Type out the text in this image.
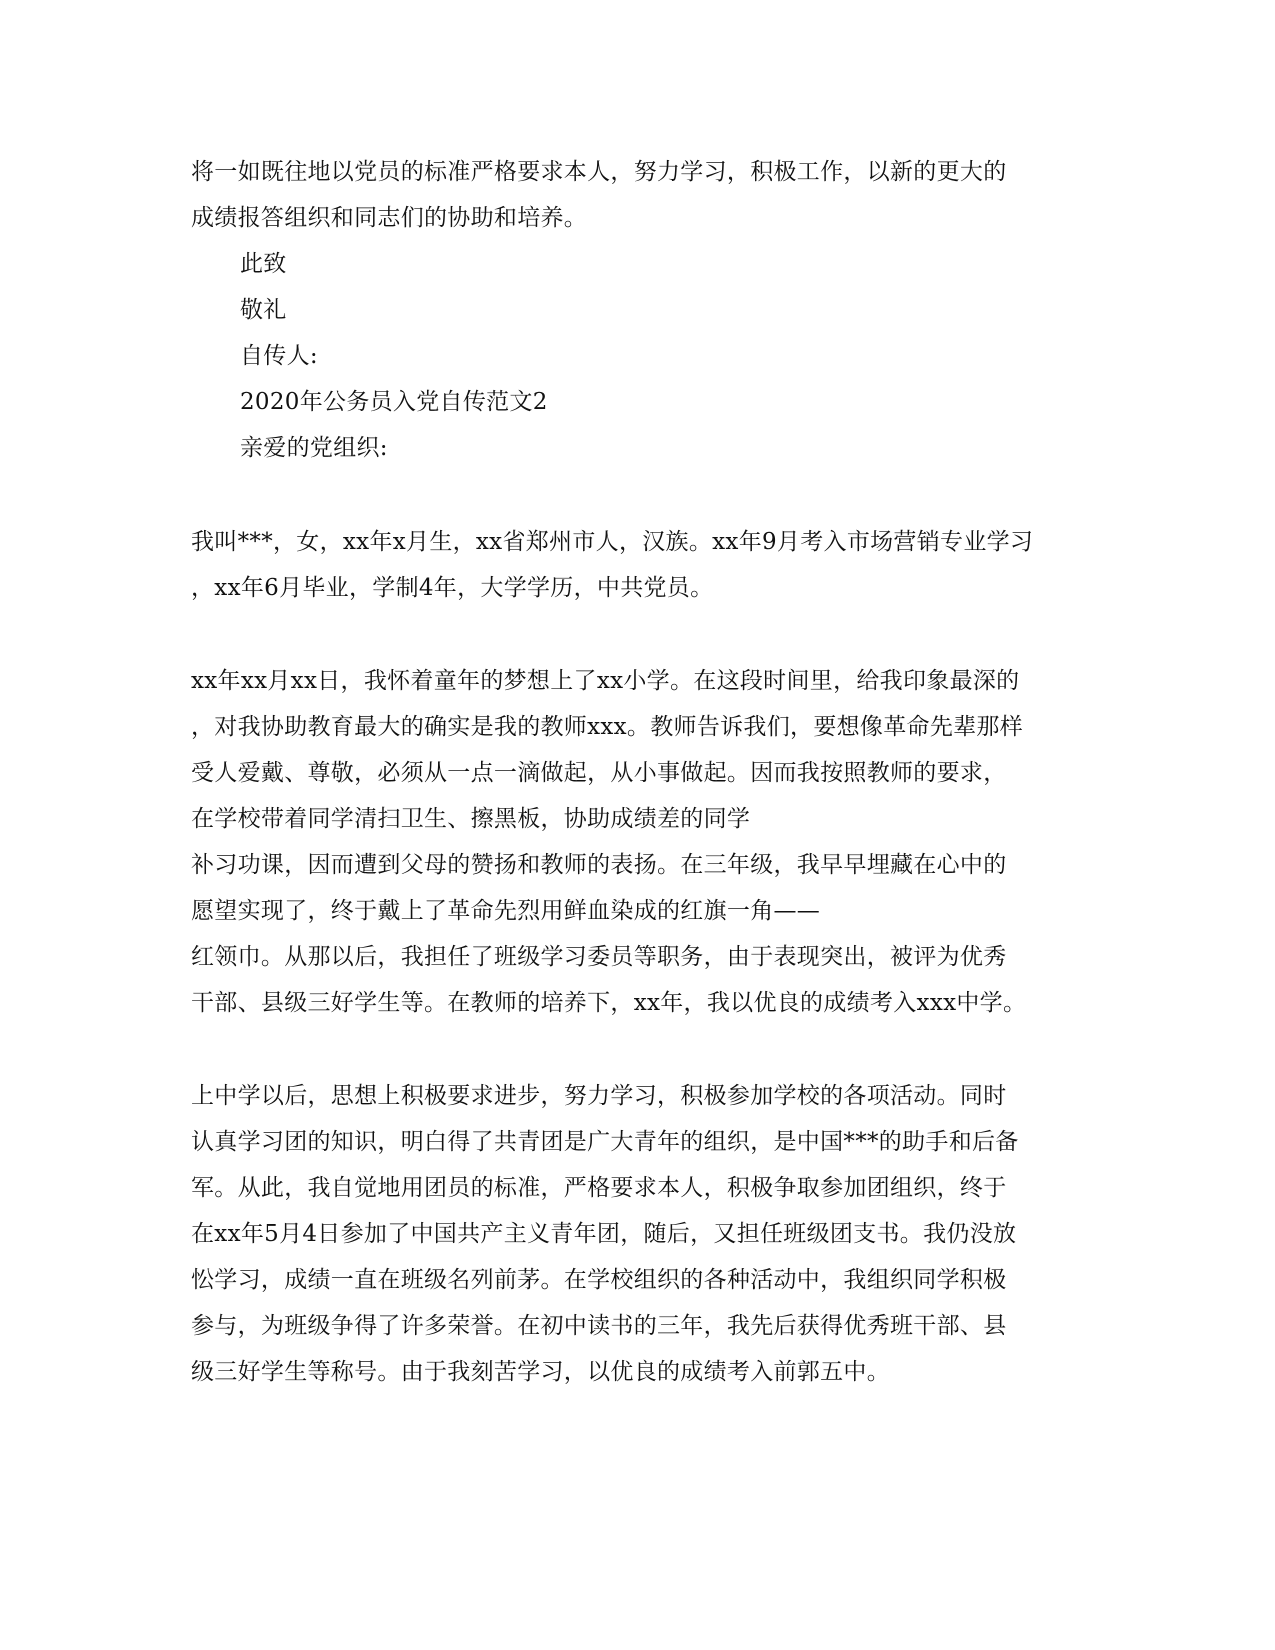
将一如既往地以党员的标准严格要求本人，努力学习，积极工作，以新的更大的
成绩报答组织和同志们的协助和培养。
此致
敬礼
自传人:
2020年公务员入党自传范文2
亲爱的党组织:
我叫***，女，xx年x月生，xx省郑州市人，汉族。xx年9月考入市场营销专业学习
，xx年6月毕业，学制4年，大学学历，中共党员。
xx年xx月xx日，我怀着童年的梦想上了xx小学。在这段时间里，给我印象最深的
，对我协助教育最大的确实是我的教师xxx。教师告诉我们，要想像革命先辈那样
受人爱戴、尊敬，必须从一点一滴做起，从小事做起。因而我按照教师的要求，
在学校带着同学清扫卫生、擦黑板，协助成绩差的同学
补习功课，因而遭到父母的赞扬和教师的表扬。在三年级，我早早埋藏在心中的
愿望实现了，终于戴上了革命先烈用鲜血染成的红旗一角——
红领巾。从那以后，我担任了班级学习委员等职务，由于表现突出，被评为优秀
干部、县级三好学生等。在教师的培养下，xx年，我以优良的成绩考入xxx中学。
上中学以后，思想上积极要求进步，努力学习，积极参加学校的各项活动。同时
认真学习团的知识，明白得了共青团是广大青年的组织，是中国***的助手和后备
军。从此，我自觉地用团员的标准，严格要求本人，积极争取参加团组织，终于
在xx年5月4日参加了中国共产主义青年团，随后，又担任班级团支书。我仍没放
忪学习，成绩一直在班级名列前茅。在学校组织的各种活动中，我组织同学积极
参与，为班级争得了许多荣誉。在初中读书的三年，我先后获得优秀班干部、县
级三好学生等称号。由于我刻苦学习，以优良的成绩考入前郭五中。
